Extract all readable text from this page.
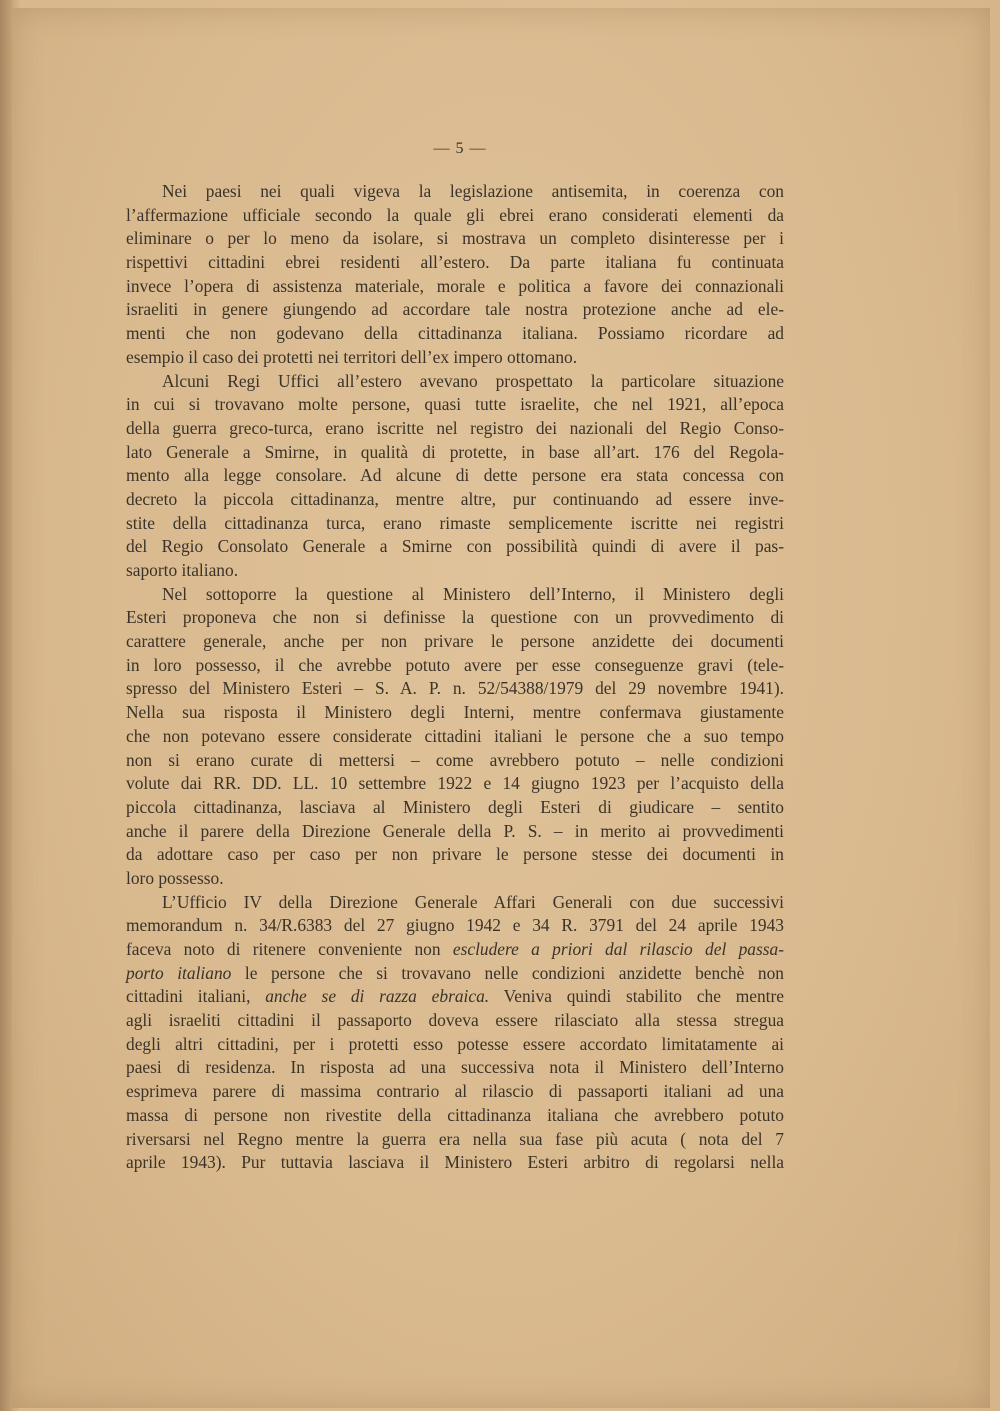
— 5 —
Nei paesi nei quali vigeva la legislazione antisemita, in coerenza con
l’affermazione ufficiale secondo la quale gli ebrei erano considerati elementi da
eliminare o per lo meno da isolare, si mostrava un completo disinteresse per i
rispettivi cittadini ebrei residenti all’estero. Da parte italiana fu continuata
invece l’opera di assistenza materiale, morale e politica a favore dei connazionali
israeliti in genere giungendo ad accordare tale nostra protezione anche ad ele-
menti che non godevano della cittadinanza italiana. Possiamo ricordare ad
esempio il caso dei protetti nei territori dell’ex impero ottomano.
Alcuni Regi Uffici all’estero avevano prospettato la particolare situazione
in cui si trovavano molte persone, quasi tutte israelite, che nel 1921, all’epoca
della guerra greco-turca, erano iscritte nel registro dei nazionali del Regio Conso-
lato Generale a Smirne, in qualità di protette, in base all’art. 176 del Regola-
mento alla legge consolare. Ad alcune di dette persone era stata concessa con
decreto la piccola cittadinanza, mentre altre, pur continuando ad essere inve-
stite della cittadinanza turca, erano rimaste semplicemente iscritte nei registri
del Regio Consolato Generale a Smirne con possibilità quindi di avere il pas-
saporto italiano.
Nel sottoporre la questione al Ministero dell’Interno, il Ministero degli
Esteri proponeva che non si definisse la questione con un provvedimento di
carattere generale, anche per non privare le persone anzidette dei documenti
in loro possesso, il che avrebbe potuto avere per esse conseguenze gravi (tele-
spresso del Ministero Esteri – S. A. P. n. 52/54388/1979 del 29 novembre 1941).
Nella sua risposta il Ministero degli Interni, mentre confermava giustamente
che non potevano essere considerate cittadini italiani le persone che a suo tempo
non si erano curate di mettersi – come avrebbero potuto – nelle condizioni
volute dai RR. DD. LL. 10 settembre 1922 e 14 giugno 1923 per l’acquisto della
piccola cittadinanza, lasciava al Ministero degli Esteri di giudicare – sentito
anche il parere della Direzione Generale della P. S. – in merito ai provvedimenti
da adottare caso per caso per non privare le persone stesse dei documenti in
loro possesso.
L’Ufficio IV della Direzione Generale Affari Generali con due successivi
memorandum n. 34/R.6383 del 27 giugno 1942 e 34 R. 3791 del 24 aprile 1943
faceva noto di ritenere conveniente non escludere a priori dal rilascio del passa-
porto italiano le persone che si trovavano nelle condizioni anzidette benchè non
cittadini italiani, anche se di razza ebraica. Veniva quindi stabilito che mentre
agli israeliti cittadini il passaporto doveva essere rilasciato alla stessa stregua
degli altri cittadini, per i protetti esso potesse essere accordato limitatamente ai
paesi di residenza. In risposta ad una successiva nota il Ministero dell’Interno
esprimeva parere di massima contrario al rilascio di passaporti italiani ad una
massa di persone non rivestite della cittadinanza italiana che avrebbero potuto
riversarsi nel Regno mentre la guerra era nella sua fase più acuta ( nota del 7
aprile 1943). Pur tuttavia lasciava il Ministero Esteri arbitro di regolarsi nella
